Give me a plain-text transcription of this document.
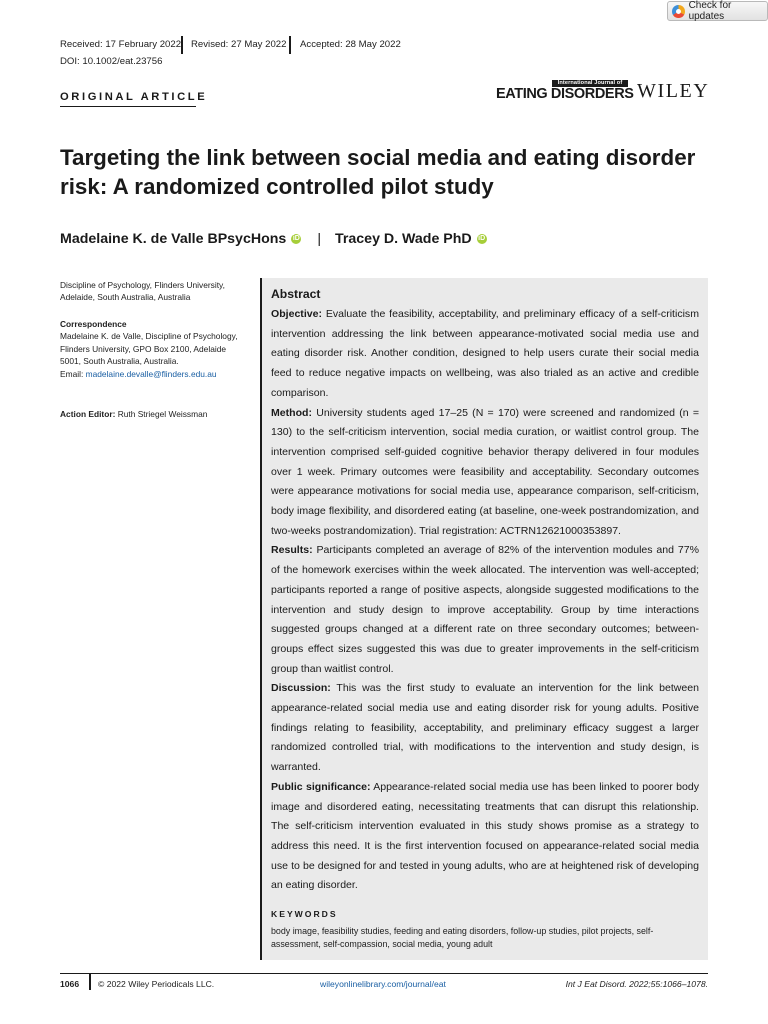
Check for updates
Received: 17 February 2022 Revised: 27 May 2022 Accepted: 28 May 2022
DOI: 10.1002/eat.23756
ORIGINAL ARTICLE
International Journal of
EATING DISORDERS WILEY
Targeting the link between social media and eating disorder risk: A randomized controlled pilot study
Madelaine K. de Valle BPsycHons iD | Tracey D. Wade PhD iD
Discipline of Psychology, Flinders University, Adelaide, South Australia, Australia
Correspondence
Madelaine K. de Valle, Discipline of Psychology, Flinders University, GPO Box 2100, Adelaide 5001, South Australia, Australia.
Email: madelaine.devalle@flinders.edu.au
Action Editor: Ruth Striegel Weissman
Abstract

Objective: Evaluate the feasibility, acceptability, and preliminary efficacy of a self-criticism intervention addressing the link between appearance-motivated social media use and eating disorder risk. Another condition, designed to help users curate their social media feed to reduce negative impacts on wellbeing, was also trialed as an active and credible comparison.

Method: University students aged 17–25 (N = 170) were screened and randomized (n = 130) to the self-criticism intervention, social media curation, or waitlist control group. The intervention comprised self-guided cognitive behavior therapy delivered in four modules over 1 week. Primary outcomes were feasibility and acceptability. Secondary outcomes were appearance motivations for social media use, appearance comparison, self-criticism, body image flexibility, and disordered eating (at baseline, one-week postrandomization, and two-weeks postrandomization). Trial registration: ACTRN12621000353897.

Results: Participants completed an average of 82% of the intervention modules and 77% of the homework exercises within the week allocated. The intervention was well-accepted; participants reported a range of positive aspects, alongside suggested modifications to the intervention and study design to improve acceptability. Group by time interactions suggested groups changed at a different rate on three secondary outcomes; between-groups effect sizes suggested this was due to greater improvements in the self-criticism group than waitlist control.

Discussion: This was the first study to evaluate an intervention for the link between appearance-related social media use and eating disorder risk for young adults. Positive findings relating to feasibility, acceptability, and preliminary efficacy suggest a larger randomized controlled trial, with modifications to the intervention and study design, is warranted.

Public significance: Appearance-related social media use has been linked to poorer body image and disordered eating, necessitating treatments that can disrupt this relationship. The self-criticism intervention evaluated in this study shows promise as a strategy to address this need. It is the first intervention focused on appearance-related social media use to be designed for and tested in young adults, who are at heightened risk of developing an eating disorder.

KEYWORDS
body image, feasibility studies, feeding and eating disorders, follow-up studies, pilot projects, self-assessment, self-compassion, social media, young adult
1066 © 2022 Wiley Periodicals LLC.	wileyonlinelibrary.com/journal/eat	Int J Eat Disord. 2022;55:1066–1078.
